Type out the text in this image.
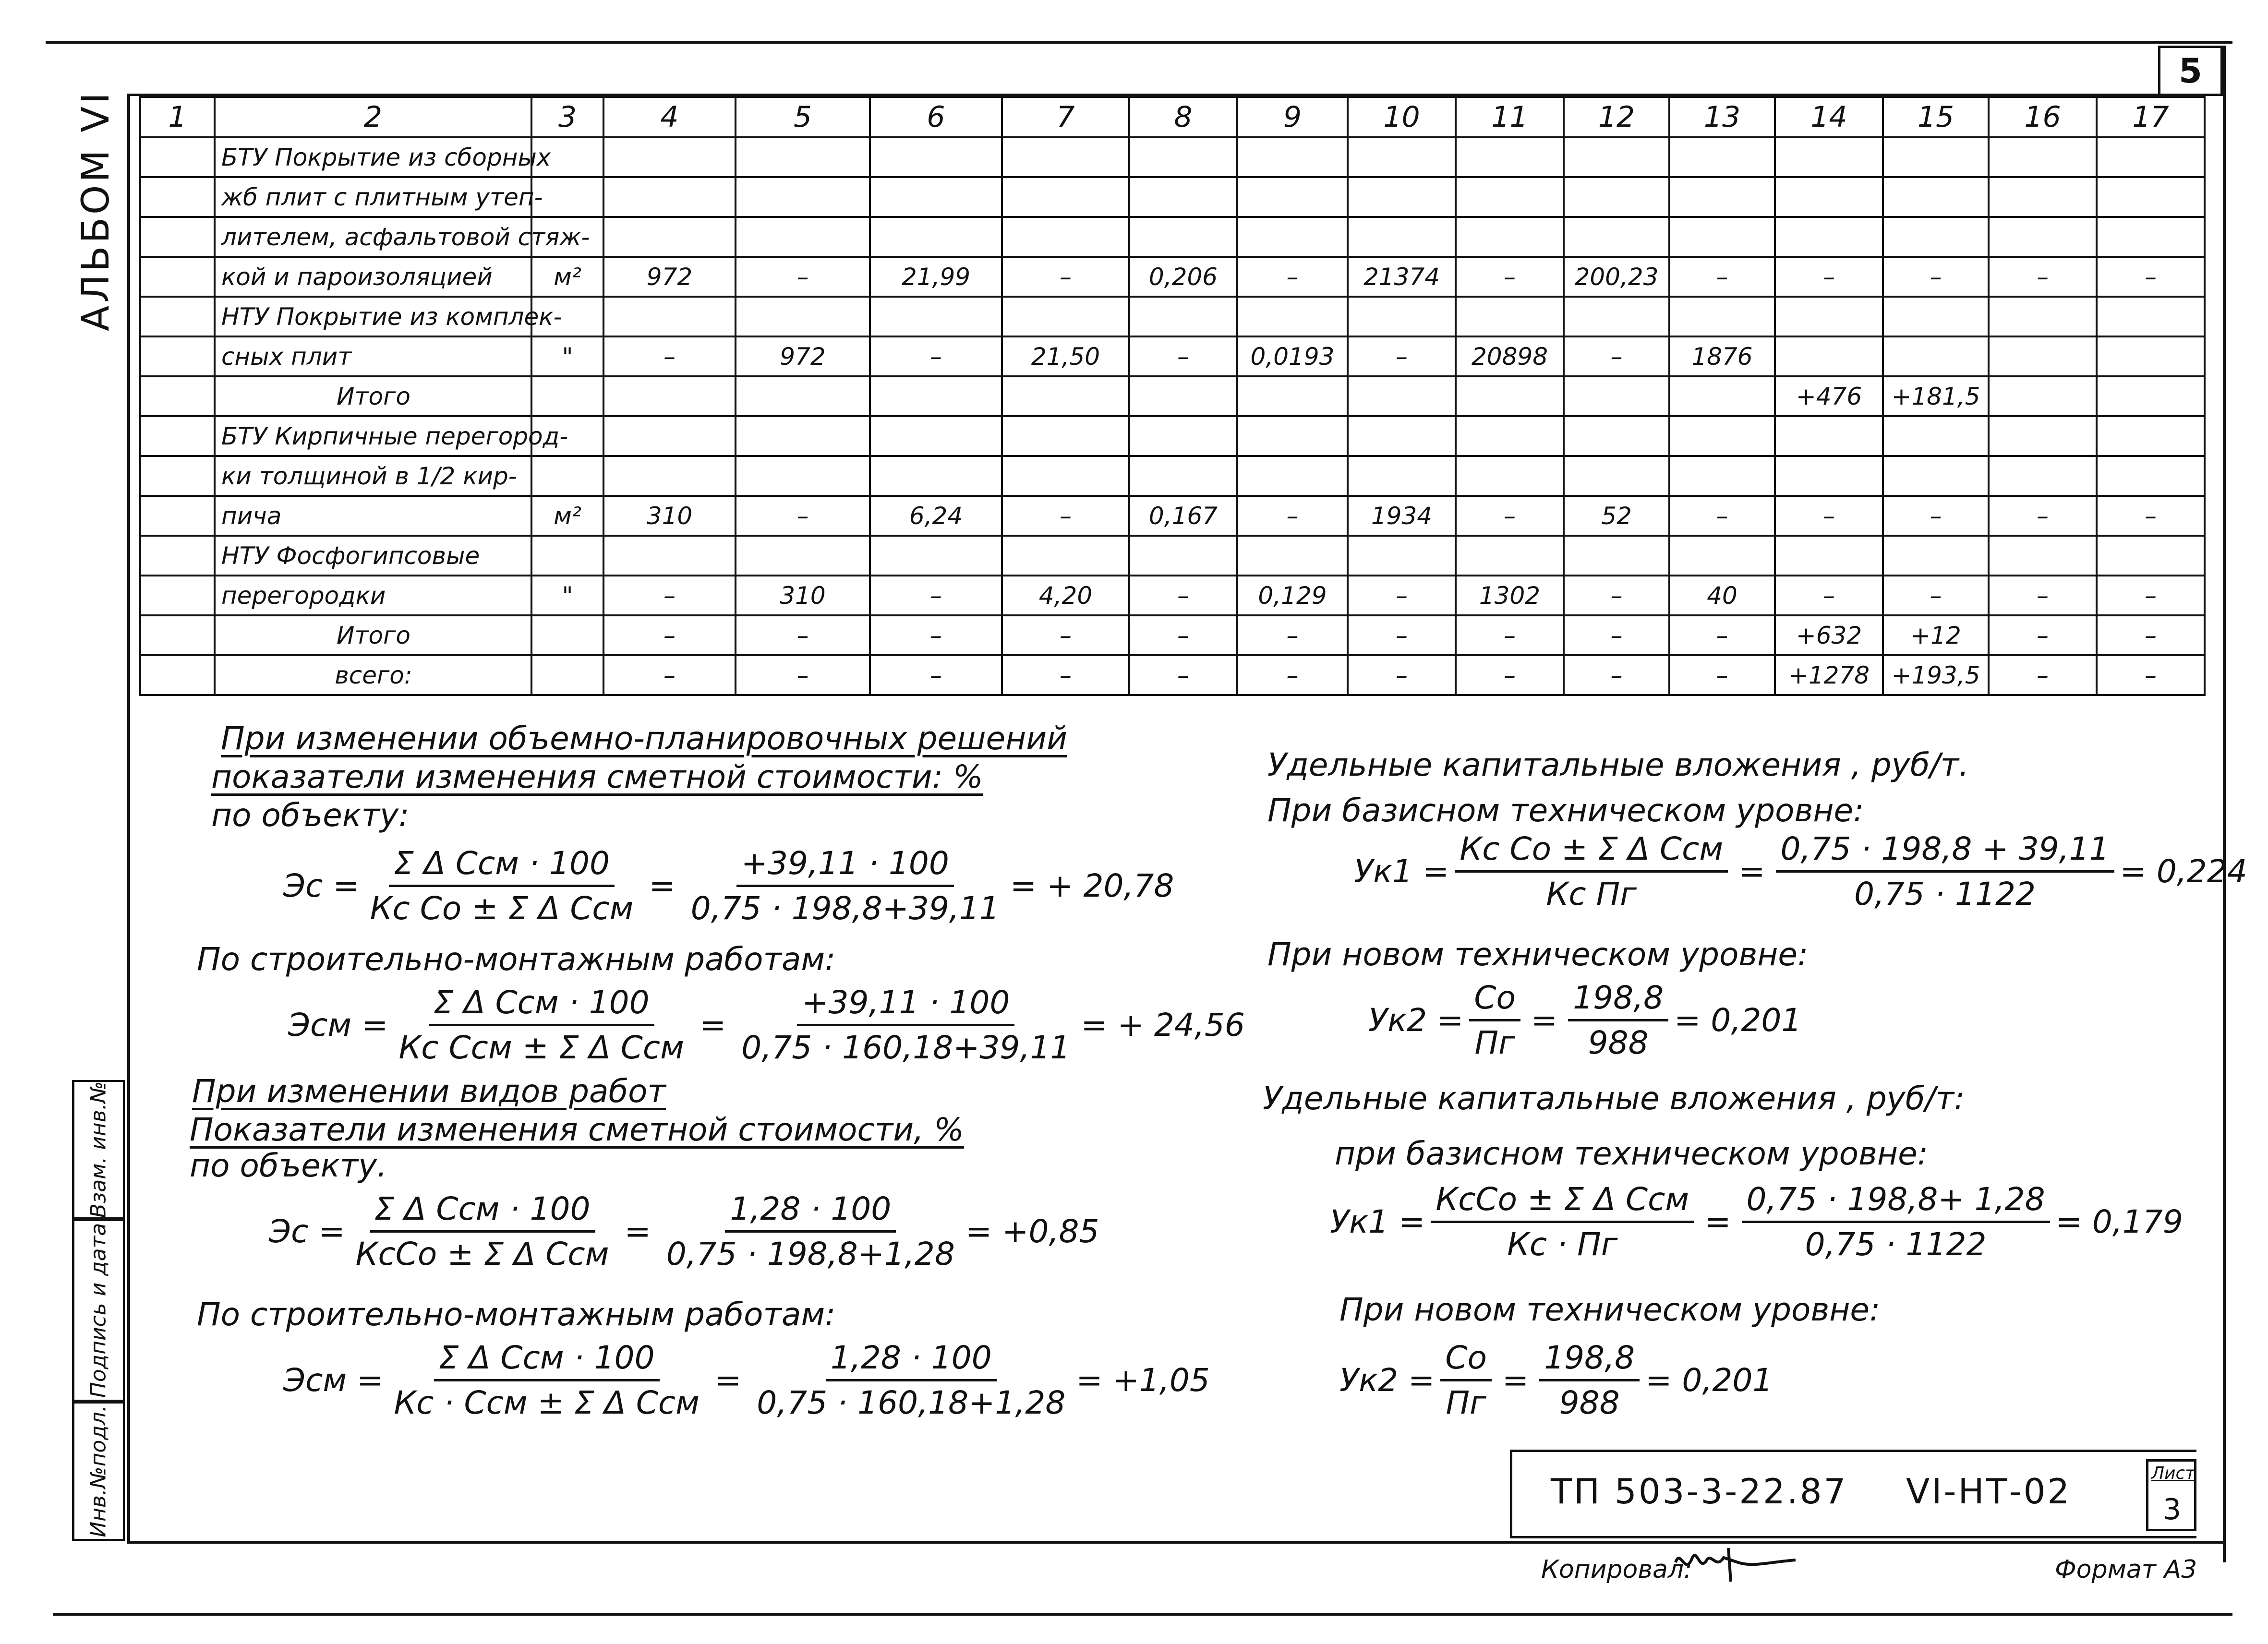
5
АЛЬБОМ VI
Взам. инв.№
Подпись и дата
Инв.№подл.
1	2	3	4	5	6	7	8	9	10	11	12	13	14	15	16	17
	БТУ Покрытие из сборных															
	жб плит с плитным утеп-															
	лителем, асфальтовой стяж-															
	кой и пароизоляцией	м²	972	–	21,99	–	0,206	–	21374	–	200,23	–	–	–	–	–
	НТУ Покрытие из комплек-															
	сных плит	"	–	972	–	21,50	–	0,0193	–	20898	–	1876				
	Итого												+476	+181,5		
	БТУ Кирпичные перегород-															
	ки толщиной в 1/2 кир-															
	пича	м²	310	–	6,24	–	0,167	–	1934	–	52	–	–	–	–	–
	НТУ Фосфогипсовые															
	перегородки	"	–	310	–	4,20	–	0,129	–	1302	–	40	–	–	–	–
	Итого		–	–	–	–	–	–	–	–	–	–	+632	+12	–	–
	всего:		–	–	–	–	–	–	–	–	–	–	+1278	+193,5	–	–
При изменении объемно-планировочных решений
показатели изменения сметной стоимости: %
по объекту:
Эс = $\frac{\text{Σ Δ Ссм · 100}}{\text{Кс Со ± Σ Δ Ссм}} = \frac{+39,11 \cdot 100}{0,75 \cdot 198,8+39,11}$ = + 20,78
По строительно-монтажным работам:
Эсм = $\frac{\text{Σ Δ Ссм · 100}}{\text{Кс Ссм ± Σ Δ Ссм}} = \frac{+39,11 \cdot 100}{0,75 \cdot 160,18+39,11}$ = + 24,56
При изменении видов работ
Показатели изменения сметной стоимости, %
по объекту.
Эс = $\frac{\text{Σ Δ Ссм · 100}}{\text{КсСо ± Σ Δ Ссм}} = \frac{1,28 \cdot 100}{0,75 \cdot 198,8+1,28} = +0,85$
По строительно-монтажным работам:
Эсм = $\frac{\text{Σ Δ Ссм · 100}}{\text{Кс · Ссм ± Σ Δ Ссм}} = \frac{1,28 \cdot 100}{0,75 \cdot 160,18+1,28} = +1,05$
Удельные капитальные вложения , руб/т.
При базисном техническом уровне:
$Ук1 = \frac{\text{Кс Со ± Σ Δ Ссм}}{\text{Кс Пг}} = \frac{0,75 \cdot 198,8 + 39,11}{0,75 \cdot 1122} = 0,224$
При новом техническом уровне:
$Ук2 = \frac{Со}{Пг} = \frac{198,8}{988} = 0,201$
Удельные капитальные вложения , руб/т:
при базисном техническом уровне:
$Ук1 = \frac{\text{КсСо ± Σ Δ Ссм}}{Кс \cdot Пг} = \frac{0,75 \cdot 198,8+ 1,28}{0,75 \cdot 1122} = 0,179$
При новом техническом уровне:
$Ук2 = \frac{Со}{Пг} = \frac{198,8}{988} = 0,201$
ТП 503-3-22.87 VI-НТ-02	Лист
3
Копировал:	Формат А3
